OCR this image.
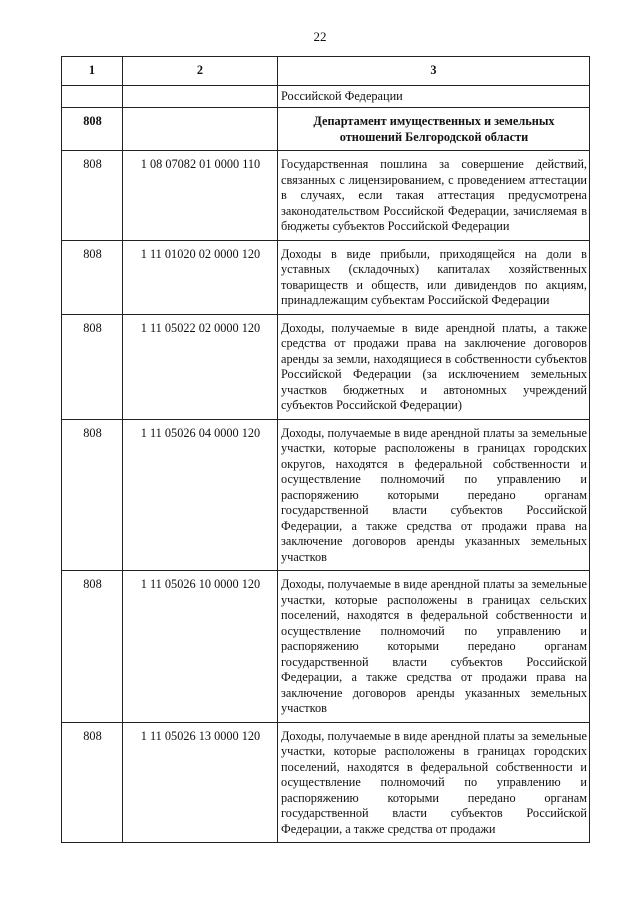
22
1	2	3
		Российской Федерации
808		Департамент имущественных и земельных отношений Белгородской области
808	1 08 07082 01 0000 110	Государственная пошлина за совершение действий, связанных с лицензированием, с проведением аттестации в случаях, если такая аттестация предусмотрена законодательством Российской Федерации, зачисляемая в бюджеты субъектов Российской Федерации
808	1 11 01020 02 0000 120	Доходы в виде прибыли, приходящейся на доли в уставных (складочных) капиталах хозяйственных товариществ и обществ, или дивидендов по акциям, принадлежащим субъектам Российской Федерации
808	1 11 05022 02 0000 120	Доходы, получаемые в виде арендной платы, а также средства от продажи права на заключение договоров аренды за земли, находящиеся в собственности субъектов Российской Федерации (за исключением земельных участков бюджетных и автономных учреждений субъектов Российской Федерации)
808	1 11 05026 04 0000 120	Доходы, получаемые в виде арендной платы за земельные участки, которые расположены в границах городских округов, находятся в федеральной собственности и осуществление полномочий по управлению и распоряжению которыми передано органам государственной власти субъектов Российской Федерации, а также средства от продажи права на заключение договоров аренды указанных земельных участков
808	1 11 05026 10 0000 120	Доходы, получаемые в виде арендной платы за земельные участки, которые расположены в границах сельских поселений, находятся в федеральной собственности и осуществление полномочий по управлению и распоряжению которыми передано органам государственной власти субъектов Российской Федерации, а также средства от продажи права на заключение договоров аренды указанных земельных участков
808	1 11 05026 13 0000 120	Доходы, получаемые в виде арендной платы за земельные участки, которые расположены в границах городских поселений, находятся в федеральной собственности и осуществление полномочий по управлению и распоряжению которыми передано органам государственной власти субъектов Российской Федерации, а также средства от продажи
